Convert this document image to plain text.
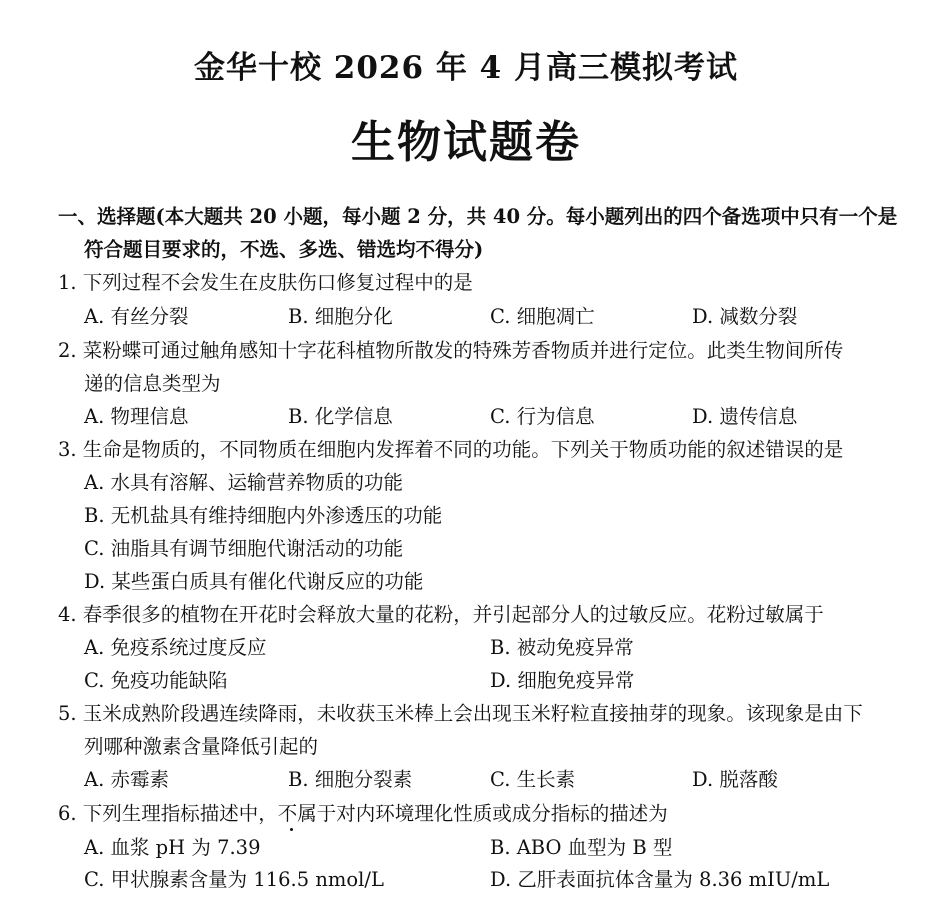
金华十校 2026 年 4 月高三模拟考试
生物试题卷
一、选择题(本大题共 20 小题，每小题 2 分，共 40 分。每小题列出的四个备选项中只有一个是
符合题目要求的，不选、多选、错选均不得分)
1. 下列过程不会发生在皮肤伤口修复过程中的是
A. 有丝分裂	B. 细胞分化	C. 细胞凋亡	D. 减数分裂
2. 菜粉蝶可通过触角感知十字花科植物所散发的特殊芳香物质并进行定位。此类生物间所传
递的信息类型为
A. 物理信息	B. 化学信息	C. 行为信息	D. 遗传信息
3. 生命是物质的，不同物质在细胞内发挥着不同的功能。下列关于物质功能的叙述错误的是
A. 水具有溶解、运输营养物质的功能
B. 无机盐具有维持细胞内外渗透压的功能
C. 油脂具有调节细胞代谢活动的功能
D. 某些蛋白质具有催化代谢反应的功能
4. 春季很多的植物在开花时会释放大量的花粉，并引起部分人的过敏反应。花粉过敏属于
A. 免疫系统过度反应	B. 被动免疫异常
C. 免疫功能缺陷	D. 细胞免疫异常
5. 玉米成熟阶段遇连续降雨，未收获玉米棒上会出现玉米籽粒直接抽芽的现象。该现象是由下
列哪种激素含量降低引起的
A. 赤霉素	B. 细胞分裂素	C. 生长素	D. 脱落酸
6. 下列生理指标描述中，不属于对内环境理化性质或成分指标的描述为
A. 血浆 pH 为 7.39	B. ABO 血型为 B 型
C. 甲状腺素含量为 116.5 nmol/L	D. 乙肝表面抗体含量为 8.36 mIU/mL
